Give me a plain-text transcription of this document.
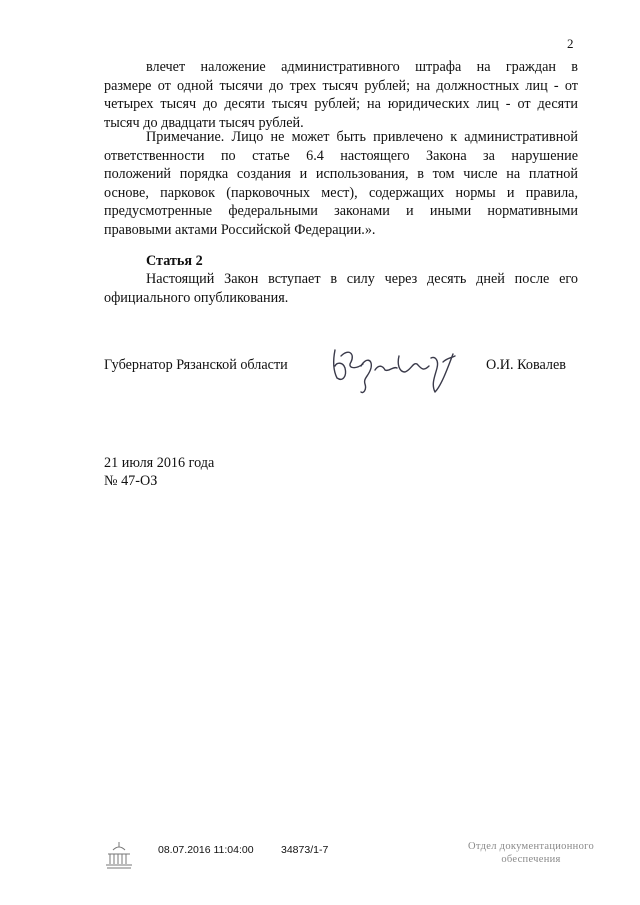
2

влечет наложение административного штрафа на граждан в

размере от одной тысячи до трех тысяч рублей; на должностных лиц - от

четырех тысяч до десяти тысяч рублей; на юридических лиц - от десяти

тысяч до двадцати тысяч рублей.

Примечание. Лицо не может быть привлечено к административной

ответственности по статье 6.4 настоящего Закона за нарушение

положений порядка создания и использования, в том числе на платной

основе, парковок (парковочных мест), содержащих нормы и правила,

предусмотренные федеральными законами и иными нормативными

правовыми актами Российской Федерации.».

Статья 2

Настоящий Закон вступает в силу через десять дней после его

официального опубликования.

Губернатор Рязанской области	О.И. Ковалев
21 июля 2016 года
№ 47-ОЗ
08.07.2016 11:04:00	34873/1-7	Отдел документационного
обеспечения
